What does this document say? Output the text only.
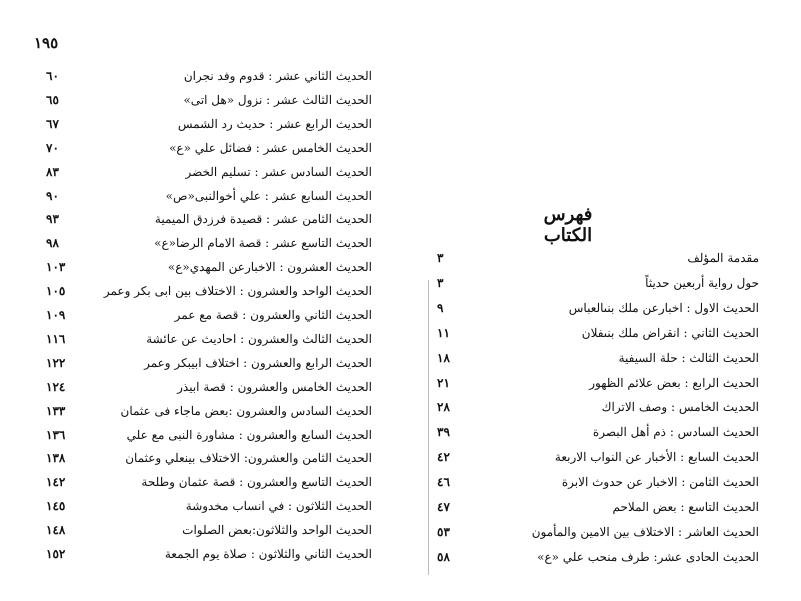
١٩٥
فهرس الكتاب
٦٠	الحديث الثاني عشر : قدوم وفد نجران
٦٥	الحديث الثالث عشر : نزول «هل اتى»
٦٧	الحديث الرابع عشر : حديث رد الشمس
٧٠	الحديث الخامس عشر : فضائل علي «ع»
٨٣	الحديث السادس عشر : تسليم الخضر
٩٠	الحديث السابع عشر : علي أخوالنبى«ص»
٩٣	الحديث الثامن عشر : قصيدة فرزدق الميمية
٩٨	الحديث التاسع عشر : قصة الامام الرضا«ع»
١٠٣	الحديث العشرون : الاخبارعن المهدي«ع»
١٠٥	الحديث الواحد والعشرون : الاختلاف بين ابى بكر وعمر
١٠٩	الحديث الثاني والعشرون : قصة مع عمر
١١٦	الحديث الثالث والعشرون : احاديث عن عائشة
١٢٢	الحديث الرابع والعشرون : اختلاف ابيبكر وعمر
١٢٤	الحديث الخامس والعشرون : قصة ابيذر
١٣٣	الحديث السادس والعشرون :بعض ماجاء فى عثمان
١٣٦	الحديث السابع والعشرون : مشاورة النبى مع علي
١٣٨	الحديث الثامن والعشرون: الاختلاف بينعلي وعثمان
١٤٢	الحديث التاسع والعشرون : قصة عثمان وطلحة
١٤٥	الحديث الثلاثون : في انساب مخدوشة
١٤٨	الحديث الواحد والثلاثون:بعض الصلوات
١٥٢	الحديث الثاني والثلاثون : صلاة يوم الجمعة
٣	مقدمة المؤلف
٣	حول رواية أربعين حديثاً
٩	الحديث الاول : اخبارعن ملك بنىالعباس
١١	الحديث الثاني : انقراض ملك بنىفلان
١٨	الحديث الثالث : حلة السيفية
٢١	الحديث الرابع : بعض علائم الظهور
٢٨	الحديث الخامس : وصف الاتراك
٣٩	الحديث السادس : ذم أهل البصرة
٤٢	الحديث السابع : الأخبار عن النواب الاربعة
٤٦	الحديث الثامن : الاخبار عن حدوث الابرة
٤٧	الحديث التاسع : بعض الملاحم
٥٣	الحديث العاشر : الاختلاف بين الامين والمأمون
٥٨	الحديث الحادى عشر: طرف منحب علي «ع»
